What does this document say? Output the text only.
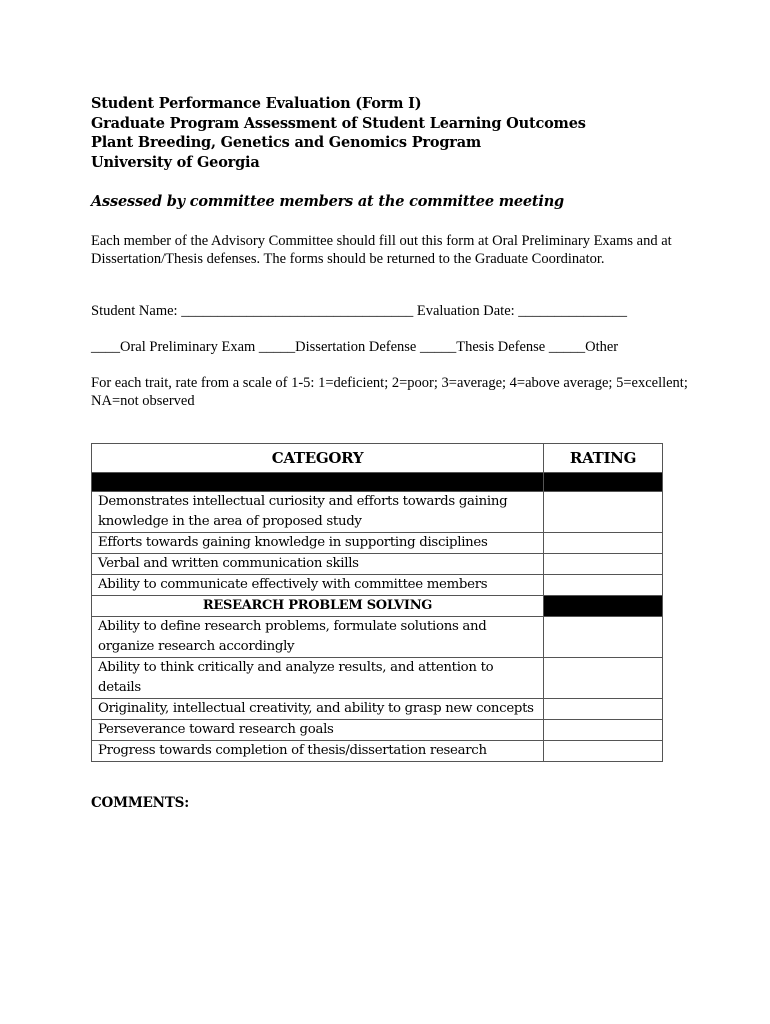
Student Performance Evaluation (Form I)
Graduate Program Assessment of Student Learning Outcomes
Plant Breeding, Genetics and Genomics Program
University of Georgia
Assessed by committee members at the committee meeting
Each member of the Advisory Committee should fill out this form at Oral Preliminary Exams and at Dissertation/Thesis defenses. The forms should be returned to the Graduate Coordinator.
Student Name: ________________________________ Evaluation Date: _______________
____Oral Preliminary Exam _____Dissertation Defense _____Thesis Defense _____Other
For each trait, rate from a scale of 1-5: 1=deficient; 2=poor; 3=average; 4=above average; 5=excellent; NA=not observed
CATEGORY	RATING

Demonstrates intellectual curiosity and efforts towards gaining knowledge in the area of proposed study	
Efforts towards gaining knowledge in supporting disciplines	
Verbal and written communication skills	
Ability to communicate effectively with committee members	
RESEARCH PROBLEM SOLVING	
Ability to define research problems, formulate solutions and organize research accordingly	
Ability to think critically and analyze results, and attention to details	
Originality, intellectual creativity, and ability to grasp new concepts	
Perseverance toward research goals	
Progress towards completion of thesis/dissertation research	
COMMENTS:
